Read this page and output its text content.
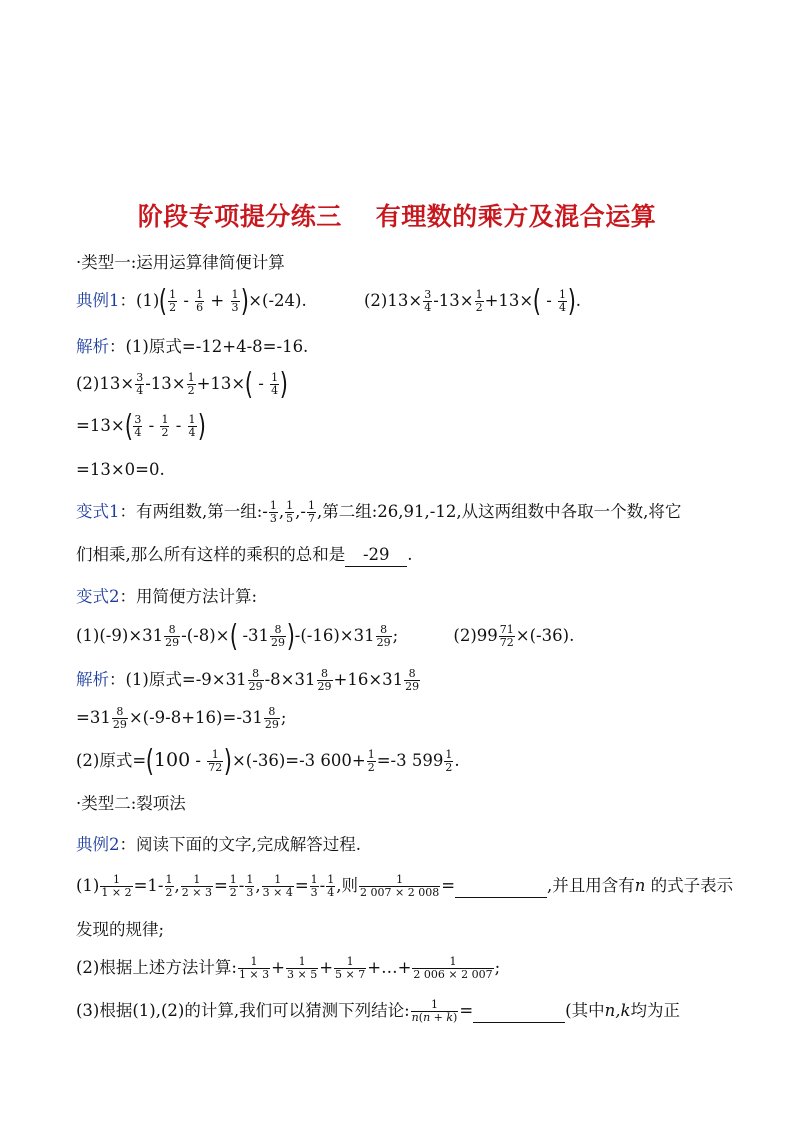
阶段专项提分练三 有理数的乘方及混合运算
·类型一:运用运算律简便计算
典例1：$(1)( \frac{1}{2} - \frac{1}{6} + \frac{1}{3} )\times(-24)$.	$(2)13\times \frac{3}{4} -13\times \frac{1}{2} +13\times( - \frac{1}{4}$ ).
解析：(1)原式=-12+4-8=-16.
$(2)13\times \frac{3}{4} -13\times \frac{1}{2} +13\times( - \frac{1}{4}$ )
$=13\times( \frac{3}{4} - \frac{1}{2} - \frac{1}{4}$ )
=13×0=0.
变式1：有两组数,第一组:- $\frac{1}{3}$ , $\frac{1}{5}$ ,- $\frac{1}{7}$ ,第二组:26,91,-12,从这两组数中各取一个数,将它
们相乘,那么所有这样的乘积的总和是 -29 .
变式2：用简便方法计算:
$(1)(-9)\times 31 \frac{8}{29} -(-8)\times$( $-31 \frac{8}{29} )-(-16)\times 31 \frac{8}{29}$ ;	$(2)99 \frac{71}{72} \times(-36)$.
解析：(1)原式$=-9\times 31 \frac{8}{29} -8\times 31 \frac{8}{29} +16\times 31 \frac{8}{29}$
$=31 \frac{8}{29} \times(-9-8+16)=-31 \frac{8}{29}$ ;
(2)原式$=(100 - \frac{1}{72} )\times(-36)=-3$ $600+ \frac{1}{2} =-3$ $599 \frac{1}{2}$ .
·类型二:裂项法
典例2：阅读下面的文字,完成解答过程.
$(1) \frac{1}{1 \times 2} =1- \frac{1}{2}$ , $\frac{1}{2 \times 3} = \frac{1}{2} - \frac{1}{3}$ , $\frac{1}{3 \times 4} = \frac{1}{3} - \frac{1}{4}$ ,则 $\frac{1}{2 007 \times 2 008}$ =	,并且用含有n 的式子表示
发现的规律;
(2)根据上述方法计算: $\frac{1}{1 \times 3} + \frac{1}{3 \times 5} + \frac{1}{5 \times 7}$ +…+ $\frac{1}{2 006 \times 2 007}$ ;
(3)根据(1),(2)的计算,我们可以猜测下列结论: $\frac{1}{n(n + k)}$ =	(其中n,k均为正
